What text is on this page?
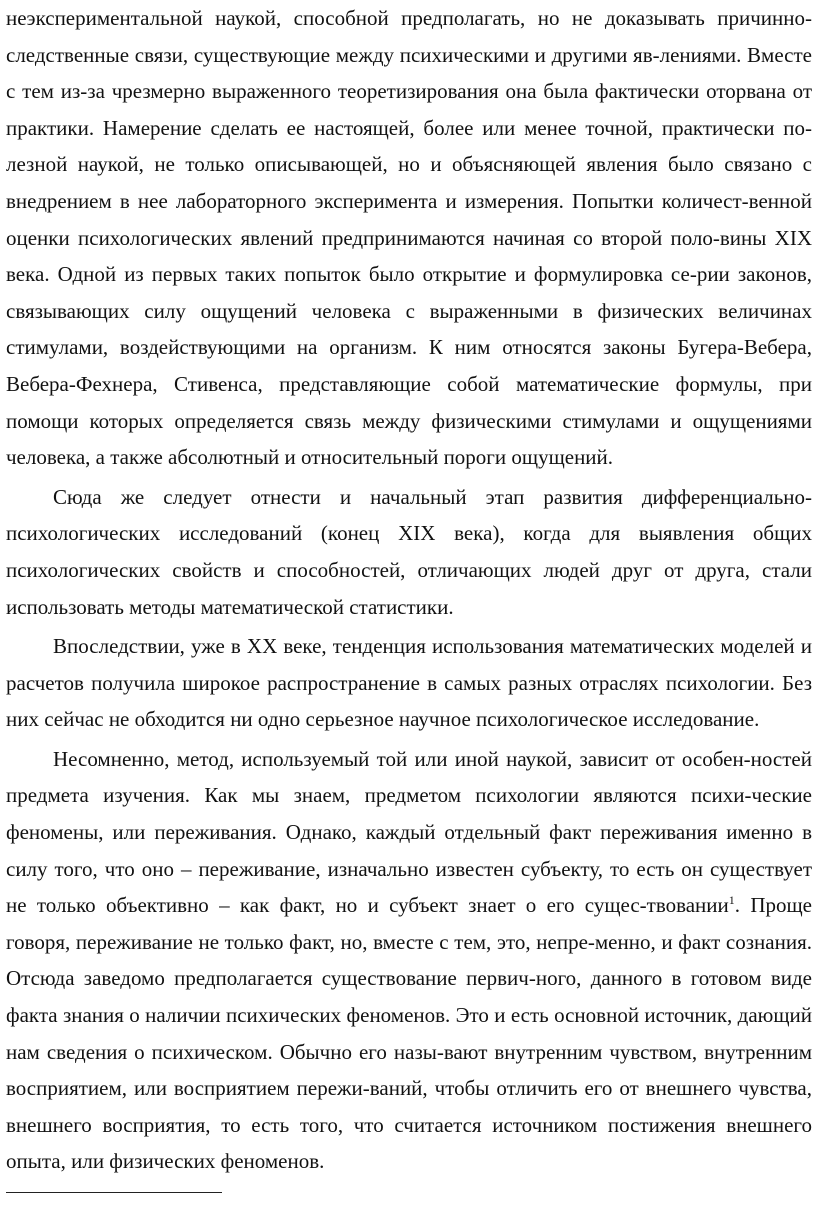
неэкспериментальной наукой, способной предполагать, но не доказывать причинно-следственные связи, существующие между психическими и другими яв-лениями. Вместе с тем из-за чрезмерно выраженного теоретизирования она была фактически оторвана от практики. Намерение сделать ее настоящей, более или менее точной, практически по-лезной наукой, не только описывающей, но и объясняющей явления было связано с внедрением в нее лабораторного эксперимента и измерения. Попытки количест-венной оценки психологических явлений предпринимаются начиная со второй поло-вины XIX века. Одной из первых таких попыток было открытие и формулировка се-рии законов, связывающих силу ощущений человека с выраженными в физических величинах стимулами, воздействующими на организм. К ним относятся законы Бугера-Вебера, Вебера-Фехнера, Стивенса, представляющие собой математические формулы, при помощи которых определяется связь между физическими стимулами и ощущениями человека, а также абсолютный и относительный пороги ощущений.

Сюда же следует отнести и начальный этап развития дифференциально-психологических исследований (конец XIX века), когда для выявления общих психологических свойств и способностей, отличающих людей друг от друга, стали использовать методы математической статистики.

Впоследствии, уже в XX веке, тенденция использования математических моделей и расчетов получила широкое распространение в самых разных отраслях психологии. Без них сейчас не обходится ни одно серьезное научное психологическое исследование.

Несомненно, метод, используемый той или иной наукой, зависит от особен-ностей предмета изучения. Как мы знаем, предметом психологии являются психи-ческие феномены, или переживания. Однако, каждый отдельный факт переживания именно в силу того, что оно – переживание, изначально известен субъекту, то есть он существует не только объективно – как факт, но и субъект знает о его сущес-твовании$^1$. Проще говоря, переживание не только факт, но, вместе с тем, это, непре-менно, и факт сознания. Отсюда заведомо предполагается существование первич-ного, данного в готовом виде факта знания о наличии психических феноменов. Это и есть основной источник, дающий нам сведения о психическом. Обычно его назы-вают внутренним чувством, внутренним восприятием, или восприятием пережи-ваний, чтобы отличить его от внешнего чувства, внешнего восприятия, то есть того, что считается источником постижения внешнего опыта, или физических феноменов.
